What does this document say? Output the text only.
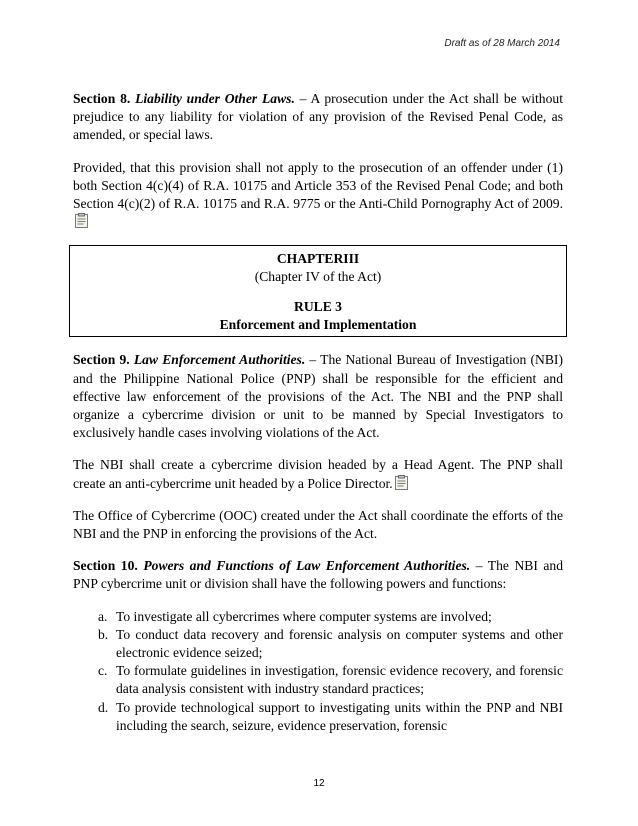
Draft as of 28 March 2014

Section 8. Liability under Other Laws. – A prosecution under the Act shall be without prejudice to any liability for violation of any provision of the Revised Penal Code, as amended, or special laws.

Provided, that this provision shall not apply to the prosecution of an offender under (1) both Section 4(c)(4) of R.A. 10175 and Article 353 of the Revised Penal Code; and both Section 4(c)(2) of R.A. 10175 and R.A. 9775 or the Anti-Child Pornography Act of 2009.

CHAPTERIII
(Chapter IV of the Act)
RULE 3
Enforcement and Implementation

Section 9. Law Enforcement Authorities. – The National Bureau of Investigation (NBI) and the Philippine National Police (PNP) shall be responsible for the efficient and effective law enforcement of the provisions of the Act. The NBI and the PNP shall organize a cybercrime division or unit to be manned by Special Investigators to exclusively handle cases involving violations of the Act.

The NBI shall create a cybercrime division headed by a Head Agent. The PNP shall create an anti-cybercrime unit headed by a Police Director.

The Office of Cybercrime (OOC) created under the Act shall coordinate the efforts of the NBI and the PNP in enforcing the provisions of the Act.

Section 10. Powers and Functions of Law Enforcement Authorities. – The NBI and PNP cybercrime unit or division shall have the following powers and functions:

a. To investigate all cybercrimes where computer systems are involved;
b. To conduct data recovery and forensic analysis on computer systems and other electronic evidence seized;
c. To formulate guidelines in investigation, forensic evidence recovery, and forensic data analysis consistent with industry standard practices;
d. To provide technological support to investigating units within the PNP and NBI including the search, seizure, evidence preservation, forensic
12
